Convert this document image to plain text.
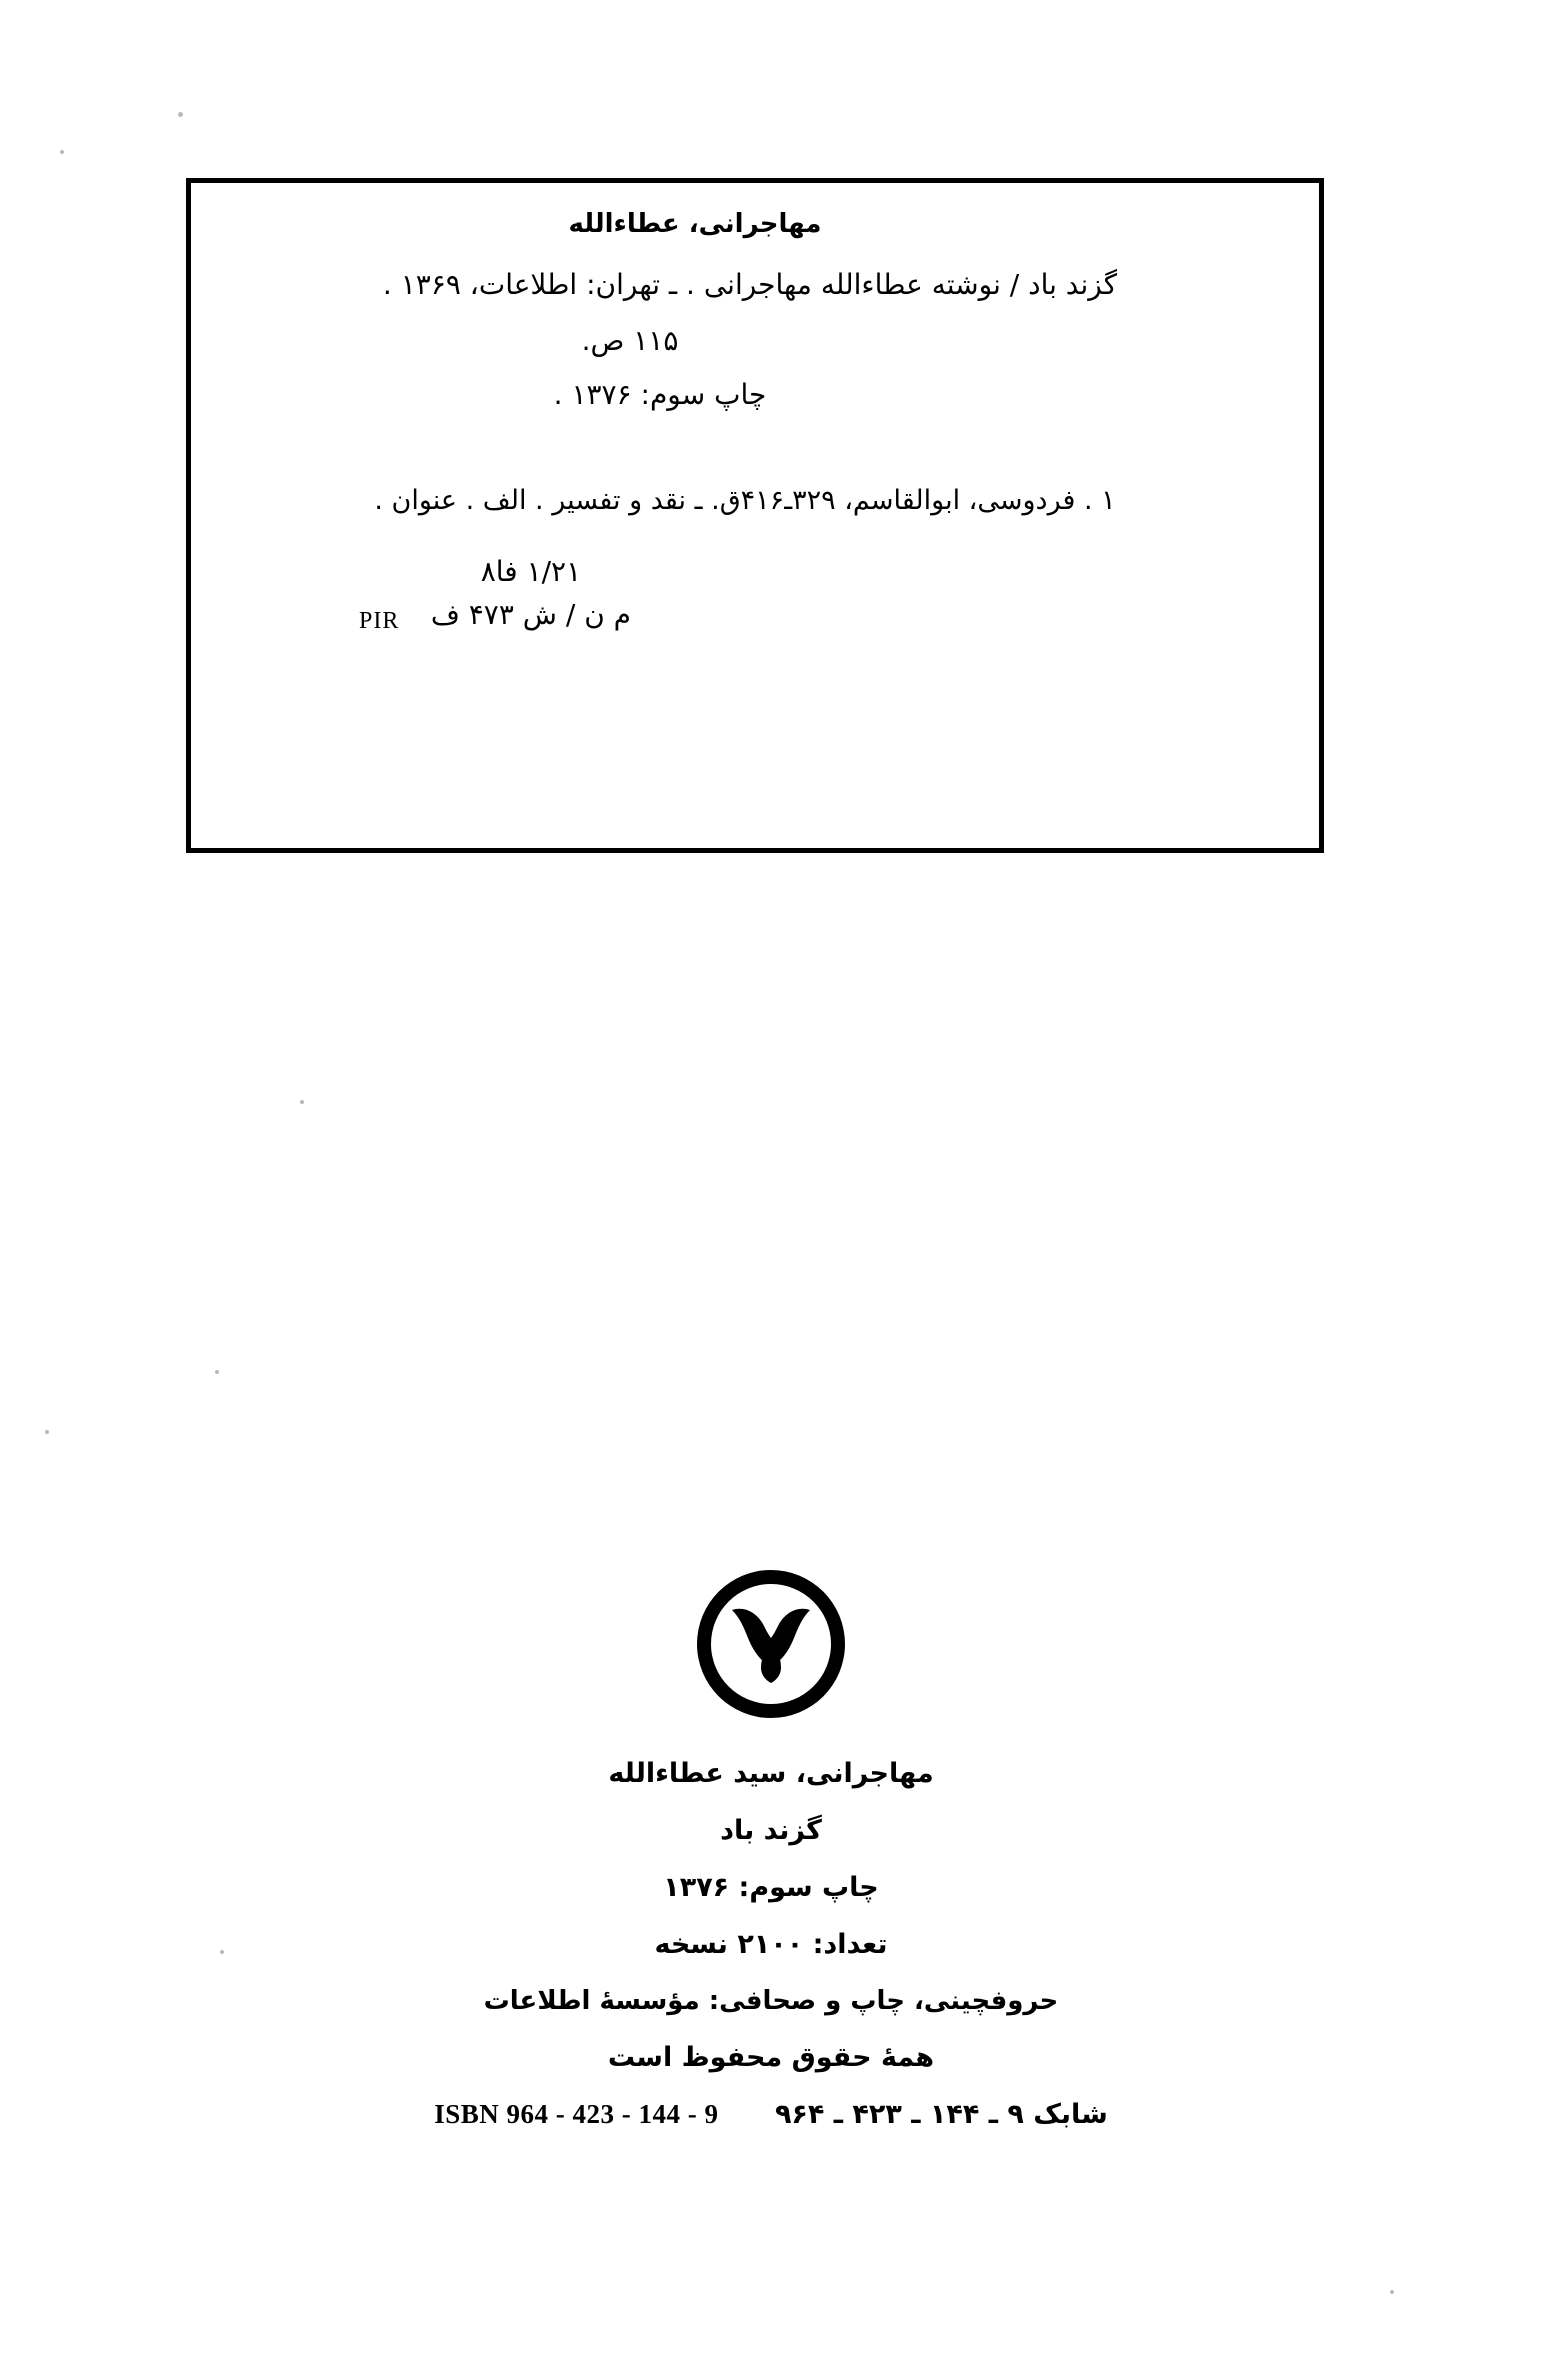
مهاجرانی، عطاءالله
گزند باد / نوشته عطاءالله مهاجرانی . ـ تهران: اطلاعات، ۱۳۶۹ .
۱۱۵ ص.
چاپ سوم: ۱۳۷۶ .
۱ . فردوسی، ابوالقاسم، ۳۲۹ـ۴۱۶ق. ـ نقد و تفسیر . الف . عنوان .
۱/۲۱ فا۸
م ن / ش ۴۷۳ ف
PIR
مهاجرانی، سید عطاءالله
گزند باد
چاپ سوم: ۱۳۷۶
تعداد: ۲۱۰۰ نسخه
حروفچینی، چاپ و صحافی: مؤسسهٔ اطلاعات
همهٔ حقوق محفوظ است
شابک ۹ ـ ۱۴۴ ـ ۴۲۳ ـ ۹۶۴      ISBN 964 - 423 - 144 - 9
